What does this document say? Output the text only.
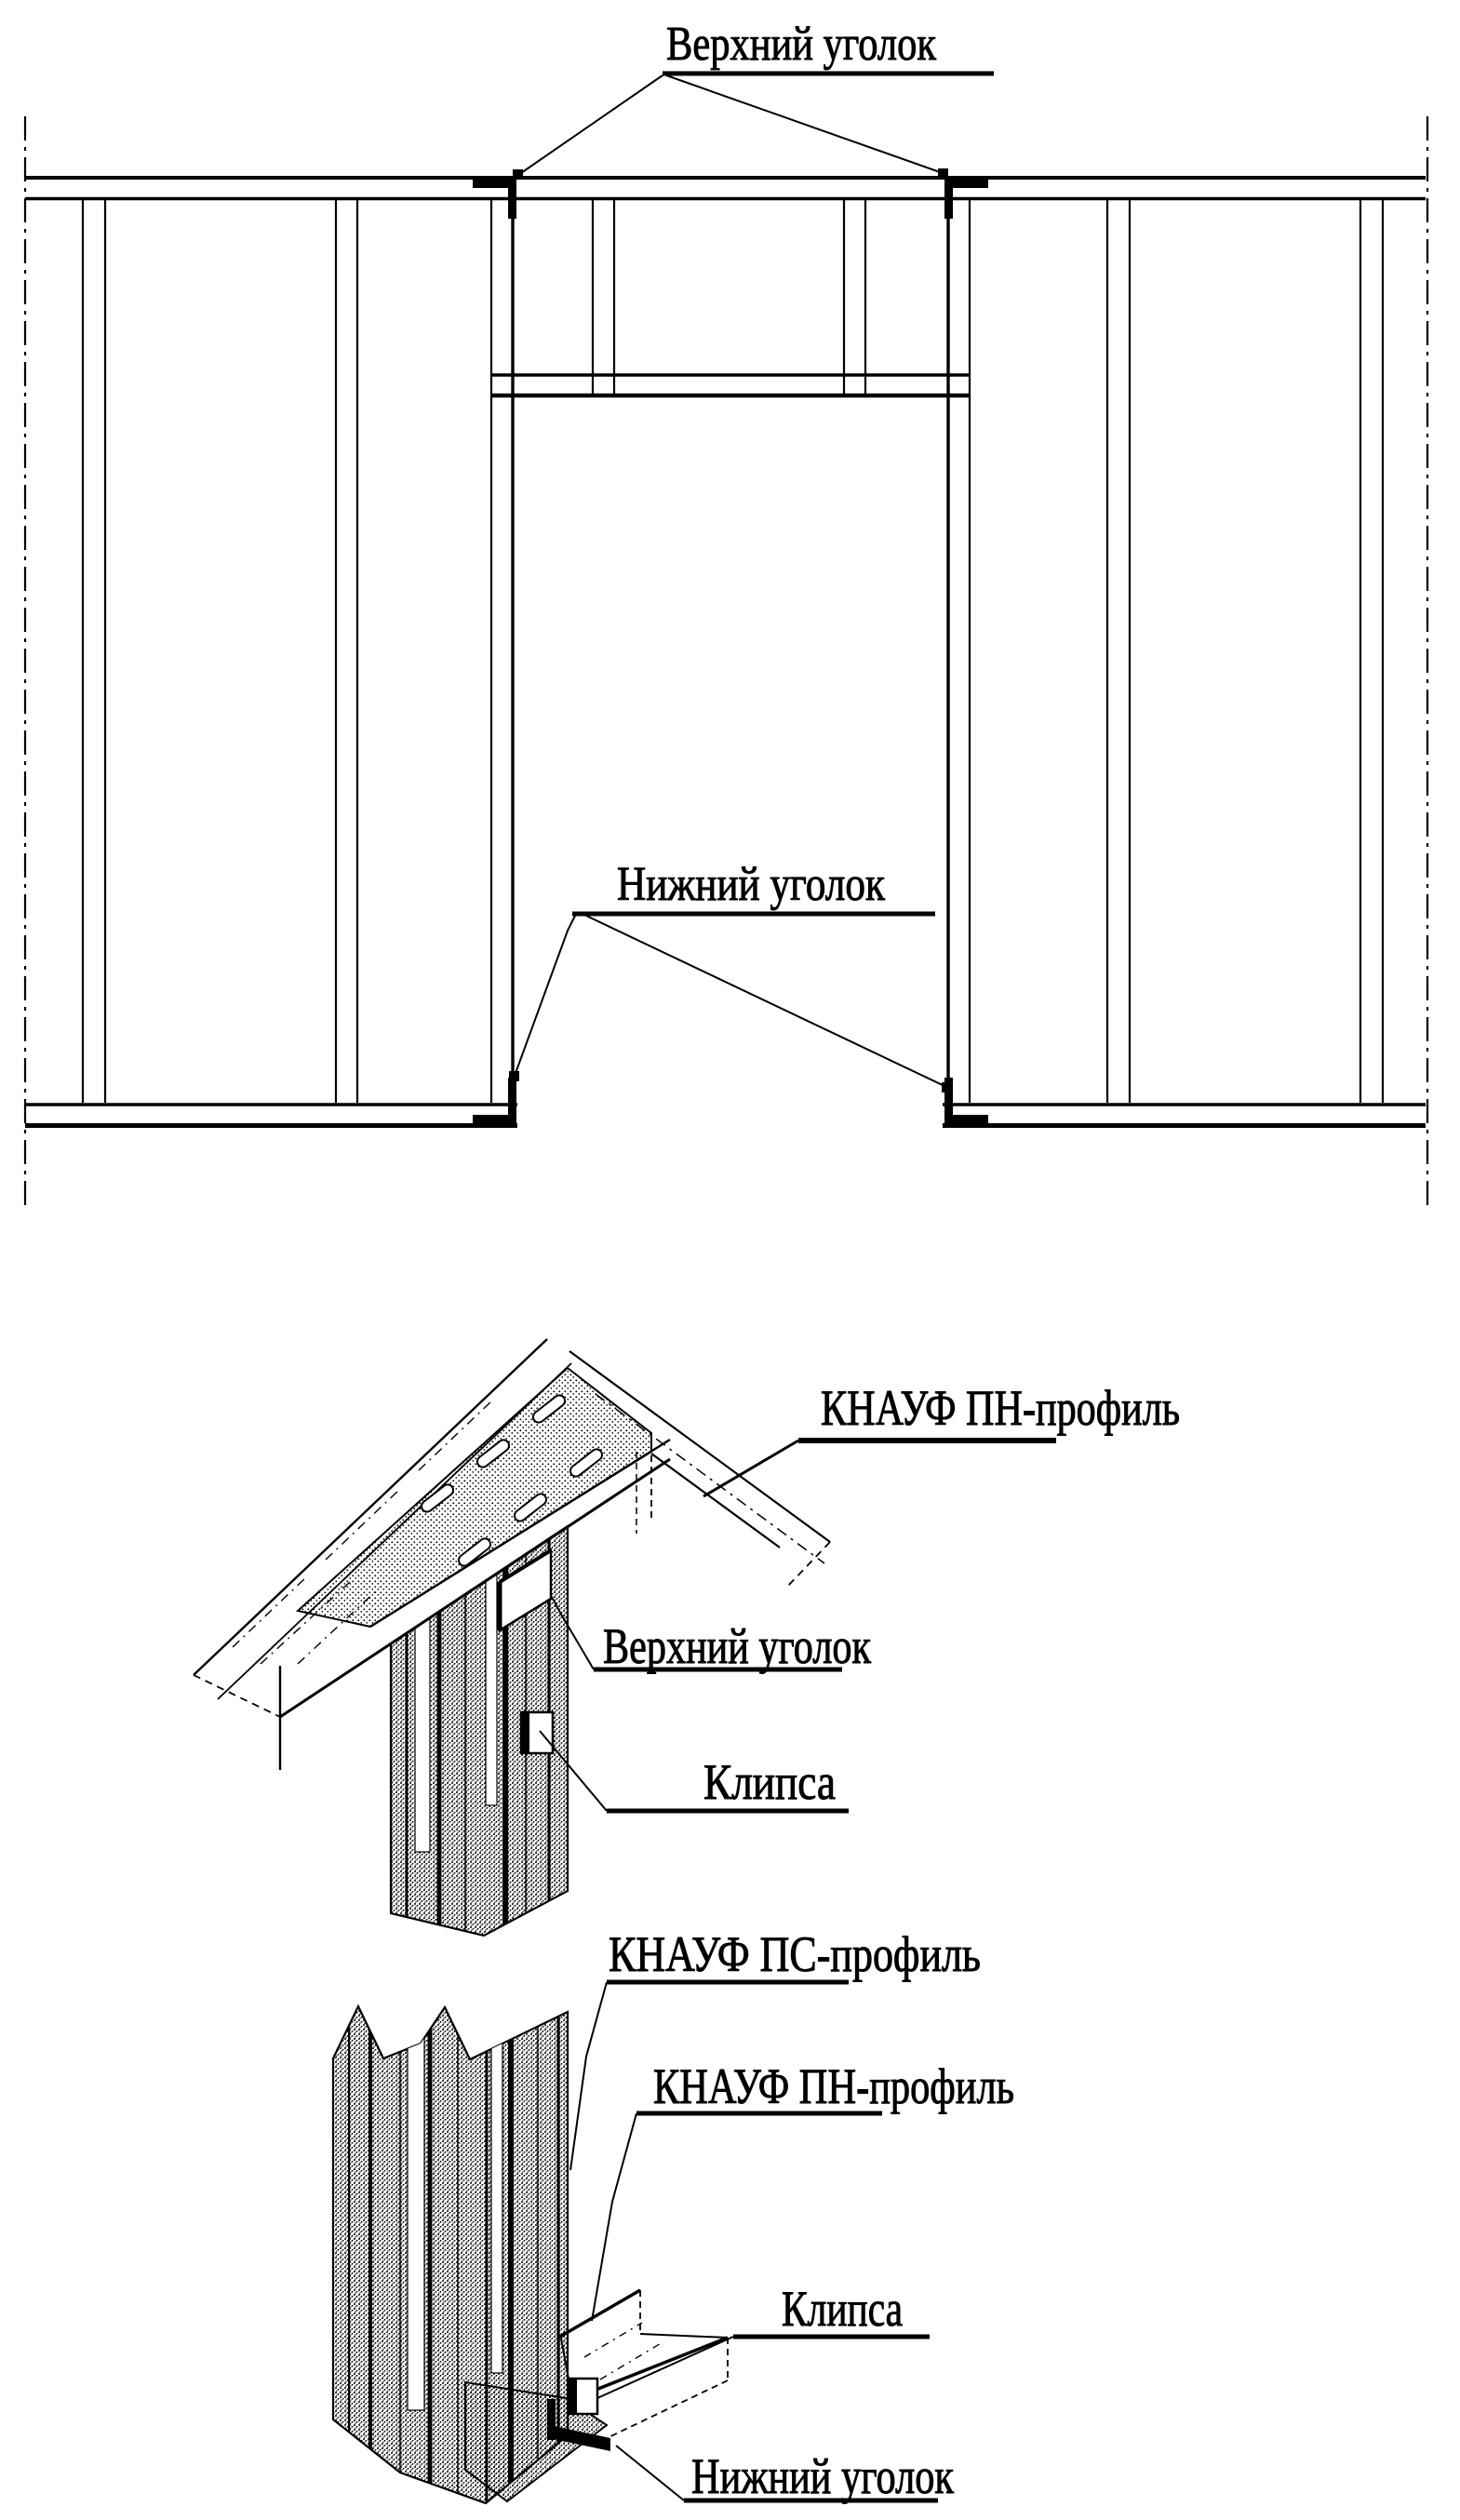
Верхний уголок
Нижний уголок
КНАУФ ПН-профиль
Верхний уголок
Клипса
КНАУФ ПС-профиль
КНАУФ ПН-профиль
Клипса
Нижний уголок
